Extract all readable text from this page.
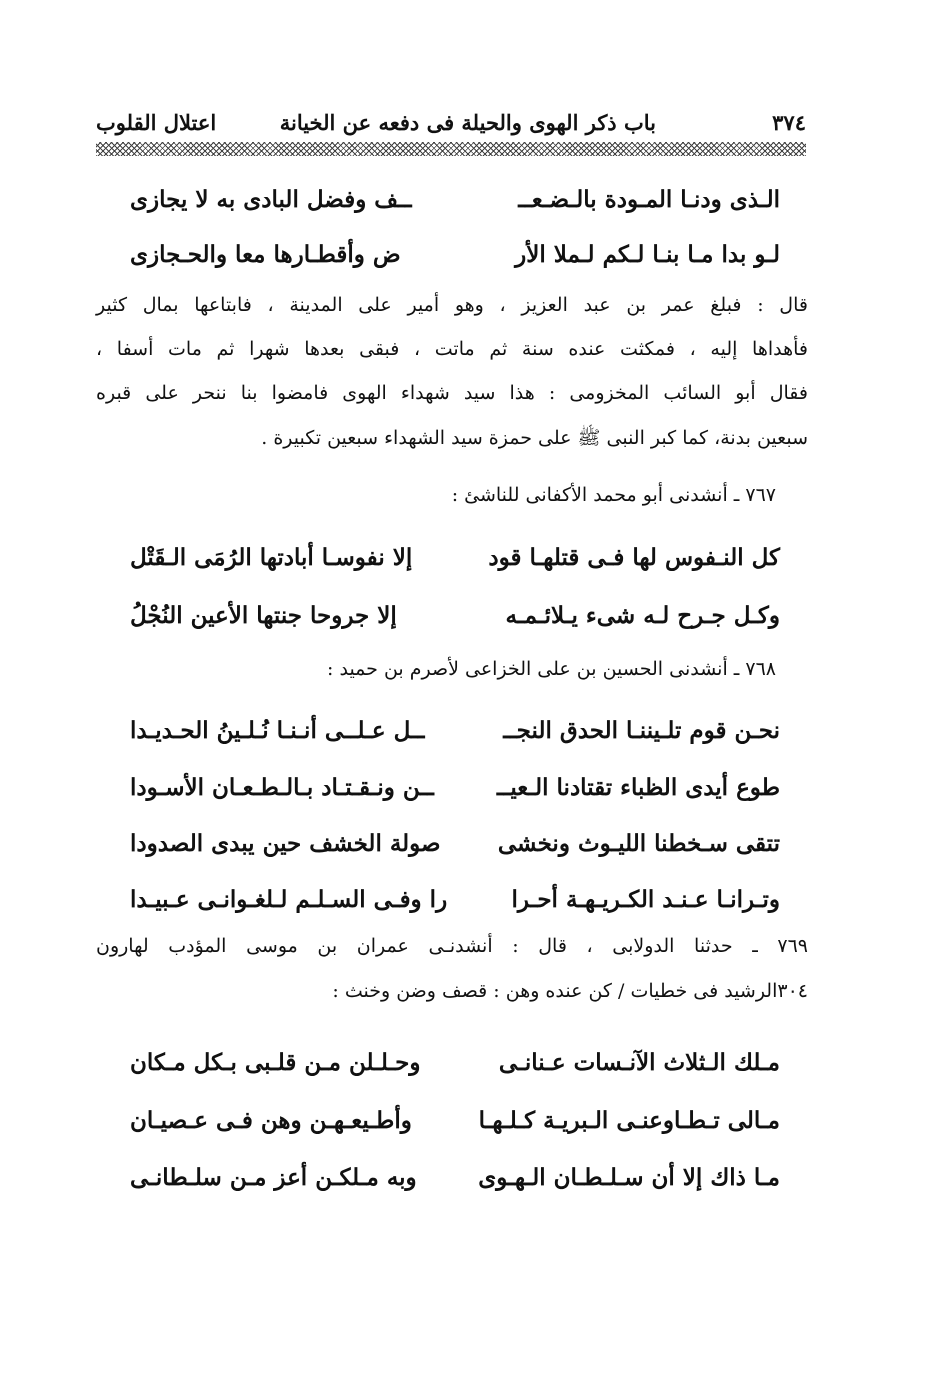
٣٧٤
باب ذكر الهوى والحيلة فى دفعه عن الخيانة
اعتلال القلوب
الـذى ودنـا المـودة بالـضـعــ
ــف وفضل البادى به لا يجازى
لـو بدا مـا بنـا لـكم لـملا الأر
ض وأقطـارها معا والحـجازى
قال : فبلغ عمر بن عبد العزيز ، وهو أمير على المدينة ، فابتاعها بمال كثير
فأهداها إليه ، فمكثت عنده سنة ثم ماتت ، فبقى بعدها شهرا ثم مات أسفا ،
فقال أبو السائب المخزومى : هذا سيد شهداء الهوى فامضوا بنا ننحر على قبره
سبعين بدنة، كما كبر النبى ﷺ على حمزة سيد الشهداء سبعين تكبيرة .
٧٦٧ ـ أنشدنى أبو محمد الأكفانى للناشئ :
كل النـفوس لها فـى قتلهـا قود
إلا نفوسـا أبادتها الرُمَى الـقَتْل
وكـل جـرح لـه شىء يـلائـمـه
إلا جروحا جنتها الأعين النُجْلُ
٧٦٨ ـ أنشدنى الحسين بن على الخزاعى لأصرم بن حميد :
نحـن قوم تلـيننـا الحدق النجــ
ــل عـلــى أنـنـا نُـلـينُ الحـديـدا
طوع أيدى الظباء تقتادنا الـعيــ
ــن ونـقـتـاد بـالـطـعـان الأسـودا
تتقى سـخطنا الليـوث ونخشى
صولة الخشف حين يبدى الصدودا
وتـرانـا عـنـد الكـريـهـة أحـرا
را وفـى السـلـم لـلغـوانـى عـبيـدا
٧٦٩ ـ حدثنا الدولابى ، قال : أنشدنـى عمران بن موسى المؤدب لهارون
٣٠٤الرشيد فى خطيات / كن عنده وهن : قصف وضن وخنث :
مـلك الـثلاث الآنـسات عـنانـى
وحـلـلن مـن قلـبى بـكل مـكان
مـالى تـطـاوعنـى الـبريـة كـلـهـا
وأطـيعـهـن وهن فـى عـصيـان
مـا ذاك إلا أن سـلـطـان الـهـوى
وبه مـلكـن أعز مـن سلـطانـى
